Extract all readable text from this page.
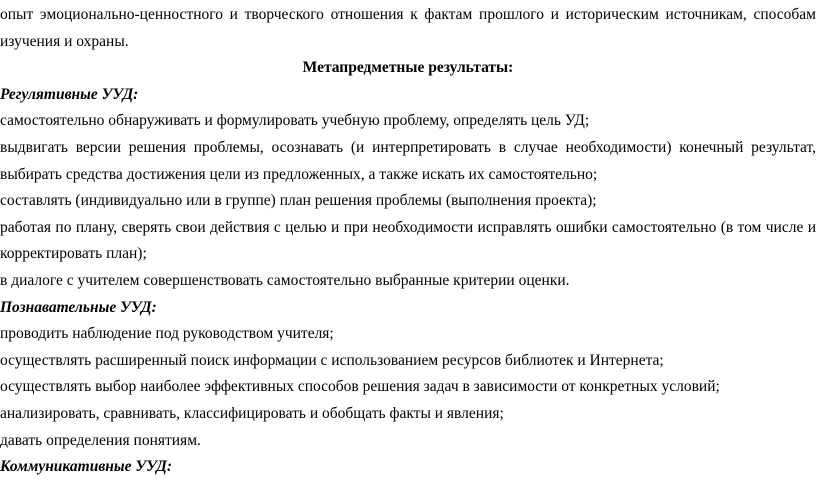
опыт эмоционально-ценностного и творческого отношения к фактам прошлого и историческим источникам, способам изучения и охраны.

Метапредметные результаты:

Регулятивные УУД:

самостоятельно обнаруживать и формулировать учебную проблему, определять цель УД;

выдвигать версии решения проблемы, осознавать (и интерпретировать в случае необходимости) конечный результат, выбирать средства достижения цели из предложенных, а также искать их самостоятельно;

составлять (индивидуально или в группе) план решения проблемы (выполнения проекта);

работая по плану, сверять свои действия с целью и при необходимости исправлять ошибки самостоятельно (в том числе и корректировать план);

в диалоге с учителем совершенствовать самостоятельно выбранные критерии оценки.

Познавательные УУД:

проводить наблюдение под руководством учителя;

осуществлять расширенный поиск информации с использованием ресурсов библиотек и Интернета;

осуществлять выбор наиболее эффективных способов решения задач в зависимости от конкретных условий;

анализировать, сравнивать, классифицировать и обобщать факты и явления;

давать определения понятиям.

Коммуникативные УУД:
